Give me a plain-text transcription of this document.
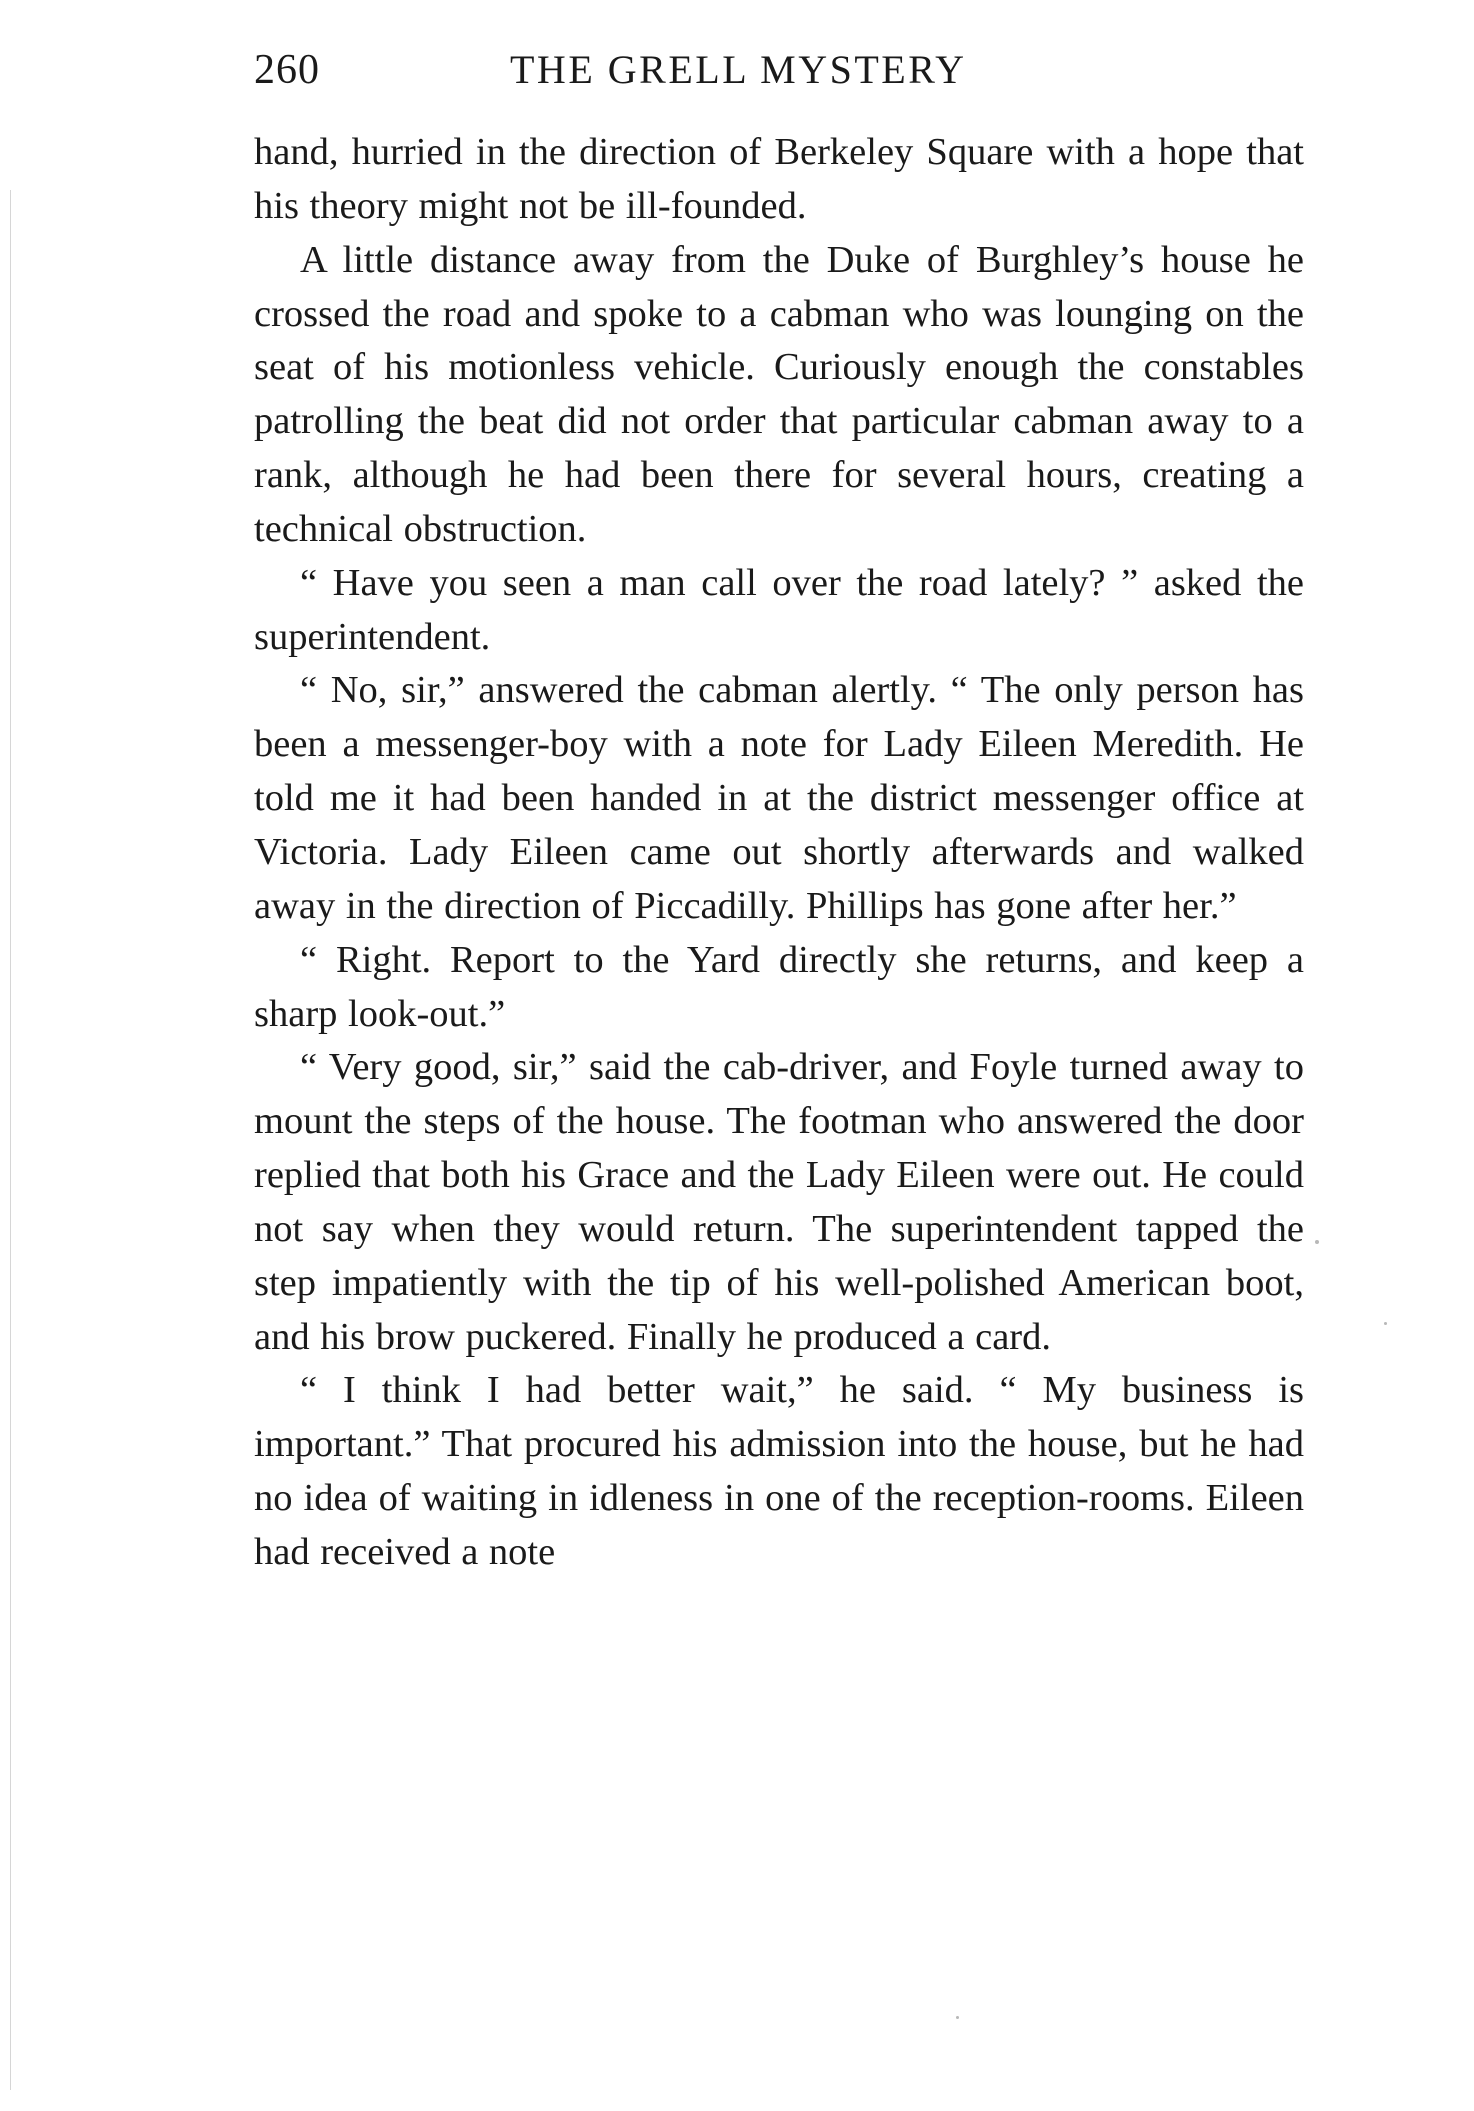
260	THE GRELL MYSTERY

hand, hurried in the direction of Berkeley Square with a hope that his theory might not be ill-founded.

A little distance away from the Duke of Burghley’s house he crossed the road and spoke to a cabman who was lounging on the seat of his motionless vehicle. Curiously enough the constables patrolling the beat did not order that particular cabman away to a rank, although he had been there for several hours, creating a technical obstruction.

“ Have you seen a man call over the road lately? ” asked the superintendent.

“ No, sir,” answered the cabman alertly. “ The only person has been a messenger-boy with a note for Lady Eileen Meredith. He told me it had been handed in at the district messenger office at Victoria. Lady Eileen came out shortly afterwards and walked away in the direction of Piccadilly. Phillips has gone after her.”

“ Right. Report to the Yard directly she returns, and keep a sharp look-out.”

“ Very good, sir,” said the cab-driver, and Foyle turned away to mount the steps of the house. The footman who answered the door replied that both his Grace and the Lady Eileen were out. He could not say when they would return. The superintendent tapped the step impatiently with the tip of his well-polished American boot, and his brow puckered. Finally he produced a card.

“ I think I had better wait,” he said. “ My business is important.” That procured his admission into the house, but he had no idea of waiting in idleness in one of the reception-rooms. Eileen had received a note
